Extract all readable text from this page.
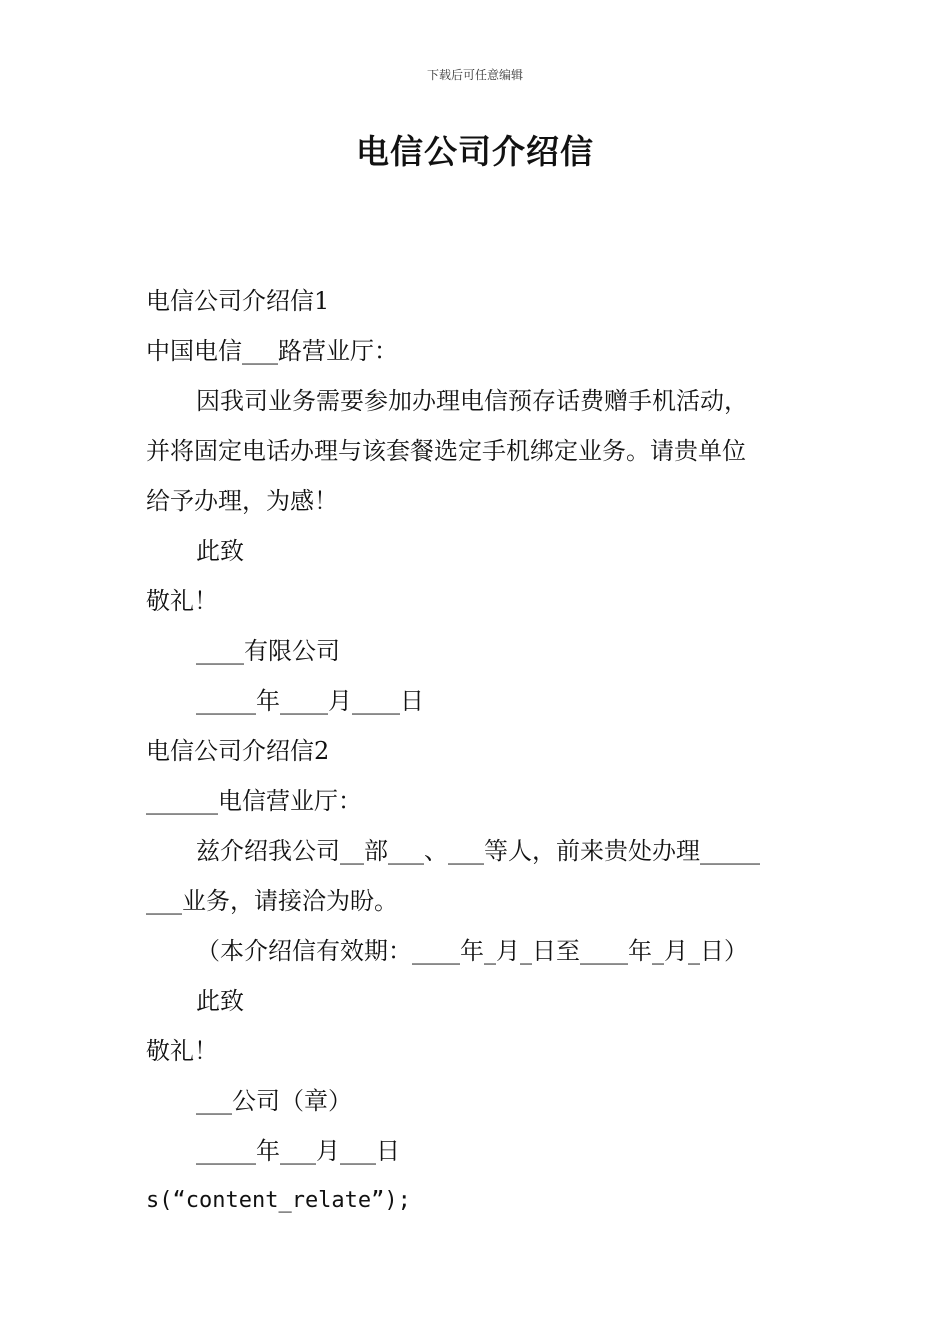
下载后可任意编辑
电信公司介绍信
电信公司介绍信1
中国电信___路营业厅：
因我司业务需要参加办理电信预存话费赠手机活动，
并将固定电话办理与该套餐选定手机绑定业务。请贵单位
给予办理，为感！
此致
敬礼！
____有限公司
_____年____月____日
电信公司介绍信2
______电信营业厅：
兹介绍我公司__部___、___等人，前来贵处办理_____
___业务，请接洽为盼。
（本介绍信有效期：____年_月_日至____年_月_日）
此致
敬礼！
___公司（章）
_____年___月___日
s(“content_relate”);
